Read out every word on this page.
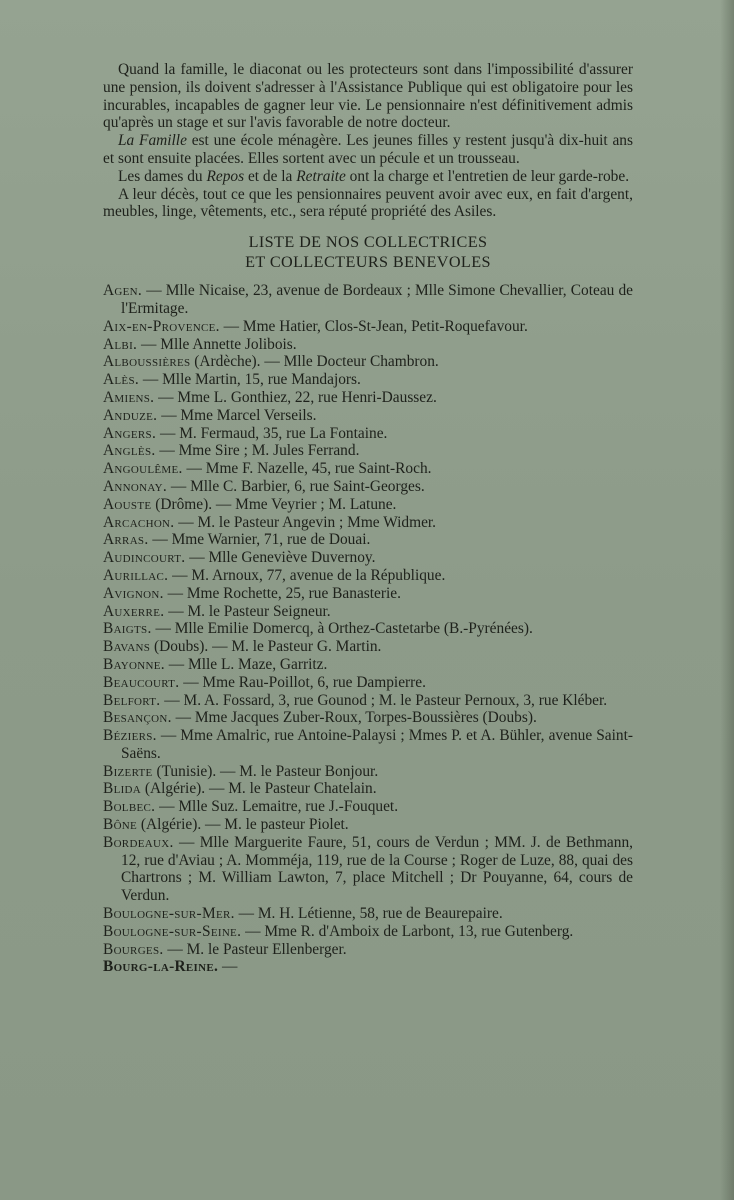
Quand la famille, le diaconat ou les protecteurs sont dans l'impossibilité d'assurer une pension, ils doivent s'adresser à l'Assistance Publique qui est obligatoire pour les incurables, incapables de gagner leur vie. Le pensionnaire n'est définitivement admis qu'après un stage et sur l'avis favorable de notre docteur.

La Famille est une école ménagère. Les jeunes filles y restent jusqu'à dix-huit ans et sont ensuite placées. Elles sortent avec un pécule et un trousseau.

Les dames du Repos et de la Retraite ont la charge et l'entretien de leur garde-robe.

A leur décès, tout ce que les pensionnaires peuvent avoir avec eux, en fait d'argent, meubles, linge, vêtements, etc., sera réputé propriété des Asiles.

LISTE DE NOS COLLECTRICES
ET COLLECTEURS BENEVOLES
Agen. — Mlle Nicaise, 23, avenue de Bordeaux ; Mlle Simone Chevallier, Coteau de l'Ermitage.
Aix-en-Provence. — Mme Hatier, Clos-St-Jean, Petit-Roquefavour.
Albi. — Mlle Annette Jolibois.
Alboussières (Ardèche). — Mlle Docteur Chambron.
Alès. — Mlle Martin, 15, rue Mandajors.
Amiens. — Mme L. Gonthiez, 22, rue Henri-Daussez.
Anduze. — Mme Marcel Verseils.
Angers. — M. Fermaud, 35, rue La Fontaine.
Anglès. — Mme Sire ; M. Jules Ferrand.
Angoulême. — Mme F. Nazelle, 45, rue Saint-Roch.
Annonay. — Mlle C. Barbier, 6, rue Saint-Georges.
Aouste (Drôme). — Mme Veyrier ; M. Latune.
Arcachon. — M. le Pasteur Angevin ; Mme Widmer.
Arras. — Mme Warnier, 71, rue de Douai.
Audincourt. — Mlle Geneviève Duvernoy.
Aurillac. — M. Arnoux, 77, avenue de la République.
Avignon. — Mme Rochette, 25, rue Banasterie.
Auxerre. — M. le Pasteur Seigneur.
Baigts. — Mlle Emilie Domercq, à Orthez-Castetarbe (B.-Pyrénées).
Bavans (Doubs). — M. le Pasteur G. Martin.
Bayonne. — Mlle L. Maze, Garritz.
Beaucourt. — Mme Rau-Poillot, 6, rue Dampierre.
Belfort. — M. A. Fossard, 3, rue Gounod ; M. le Pasteur Pernoux, 3, rue Kléber.
Besançon. — Mme Jacques Zuber-Roux, Torpes-Boussières (Doubs).
Béziers. — Mme Amalric, rue Antoine-Palaysi ; Mmes P. et A. Bühler, avenue Saint-Saëns.
Bizerte (Tunisie). — M. le Pasteur Bonjour.
Blida (Algérie). — M. le Pasteur Chatelain.
Bolbec. — Mlle Suz. Lemaitre, rue J.-Fouquet.
Bône (Algérie). — M. le pasteur Piolet.
Bordeaux. — Mlle Marguerite Faure, 51, cours de Verdun ; MM. J. de Bethmann, 12, rue d'Aviau ; A. Momméja, 119, rue de la Course ; Roger de Luze, 88, quai des Chartrons ; M. William Lawton, 7, place Mitchell ; Dr Pouyanne, 64, cours de Verdun.
Boulogne-sur-Mer. — M. H. Létienne, 58, rue de Beaurepaire.
Boulogne-sur-Seine. — Mme R. d'Amboix de Larbont, 13, rue Gutenberg.
Bourges. — M. le Pasteur Ellenberger.
Bourg-la-Reine. —
